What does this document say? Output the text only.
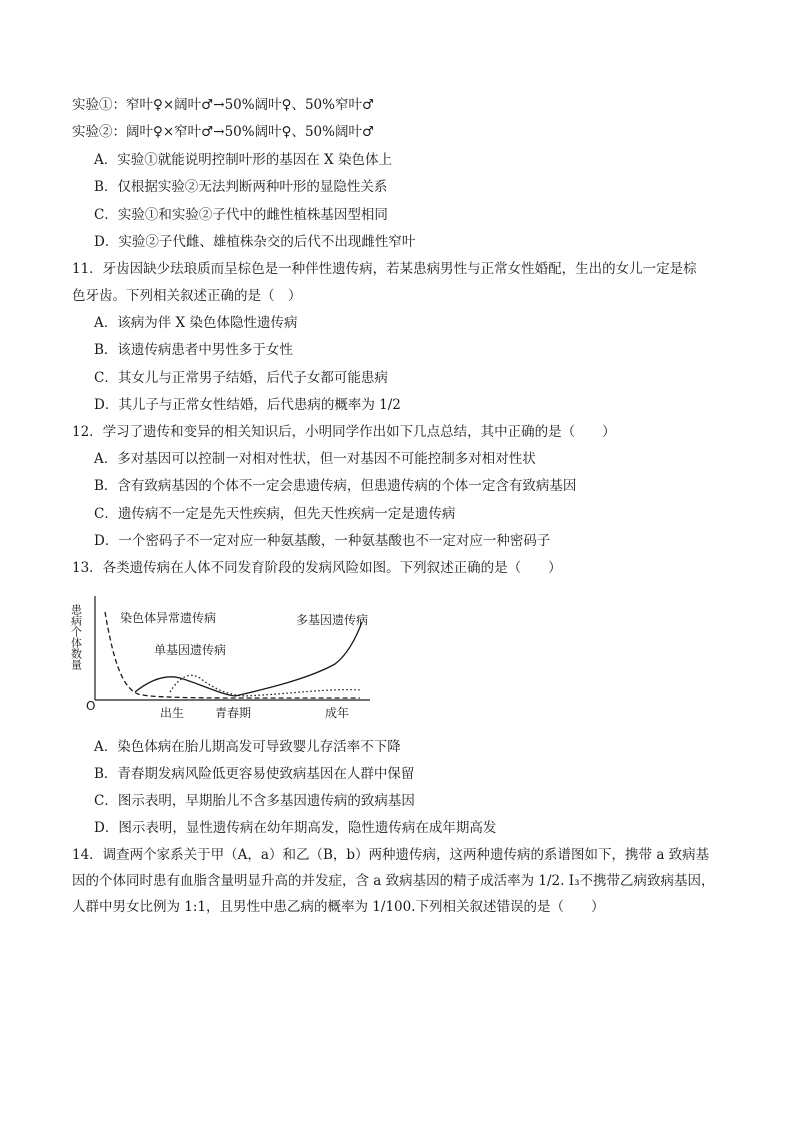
实验①：窄叶♀×阔叶♂→50%阔叶♀、50%窄叶♂
实验②：阔叶♀×窄叶♂→50%阔叶♀、50%阔叶♂
A．实验①就能说明控制叶形的基因在 X 染色体上
B．仅根据实验②无法判断两种叶形的显隐性关系
C．实验①和实验②子代中的雌性植株基因型相同
D．实验②子代雌、雄植株杂交的后代不出现雌性窄叶
11．牙齿因缺少珐琅质而呈棕色是一种伴性遗传病，若某患病男性与正常女性婚配，生出的女儿一定是棕
色牙齿。下列相关叙述正确的是（　）
A．该病为伴 X 染色体隐性遗传病
B．该遗传病患者中男性多于女性
C．其女儿与正常男子结婚，后代子女都可能患病
D．其儿子与正常女性结婚，后代患病的概率为 1/2
12．学习了遗传和变异的相关知识后，小明同学作出如下几点总结，其中正确的是（　　）
A．多对基因可以控制一对相对性状，但一对基因不可能控制多对相对性状
B．含有致病基因的个体不一定会患遗传病，但患遗传病的个体一定含有致病基因
C．遗传病不一定是先天性疾病，但先天性疾病一定是遗传病
D．一个密码子不一定对应一种氨基酸，一种氨基酸也不一定对应一种密码子
13．各类遗传病在人体不同发育阶段的发病风险如图。下列叙述正确的是（　　）
患病个体数量
O
染色体异常遗传病
单基因遗传病
多基因遗传病
出生	青春期	成年
A．染色体病在胎儿期高发可导致婴儿存活率不下降
B．青春期发病风险低更容易使致病基因在人群中保留
C．图示表明，早期胎儿不含多基因遗传病的致病基因
D．图示表明，显性遗传病在幼年期高发，隐性遗传病在成年期高发
14．调查两个家系关于甲（A，a）和乙（B，b）两种遗传病，这两种遗传病的系谱图如下，携带 a 致病基因的个体同时患有血脂含量明显升高的并发症，含 a 致病基因的精子成活率为 1/2. Ⅰ₃不携带乙病致病基因，人群中男女比例为 1:1，且男性中患乙病的概率为 1/100.下列相关叙述错误的是（　　）
